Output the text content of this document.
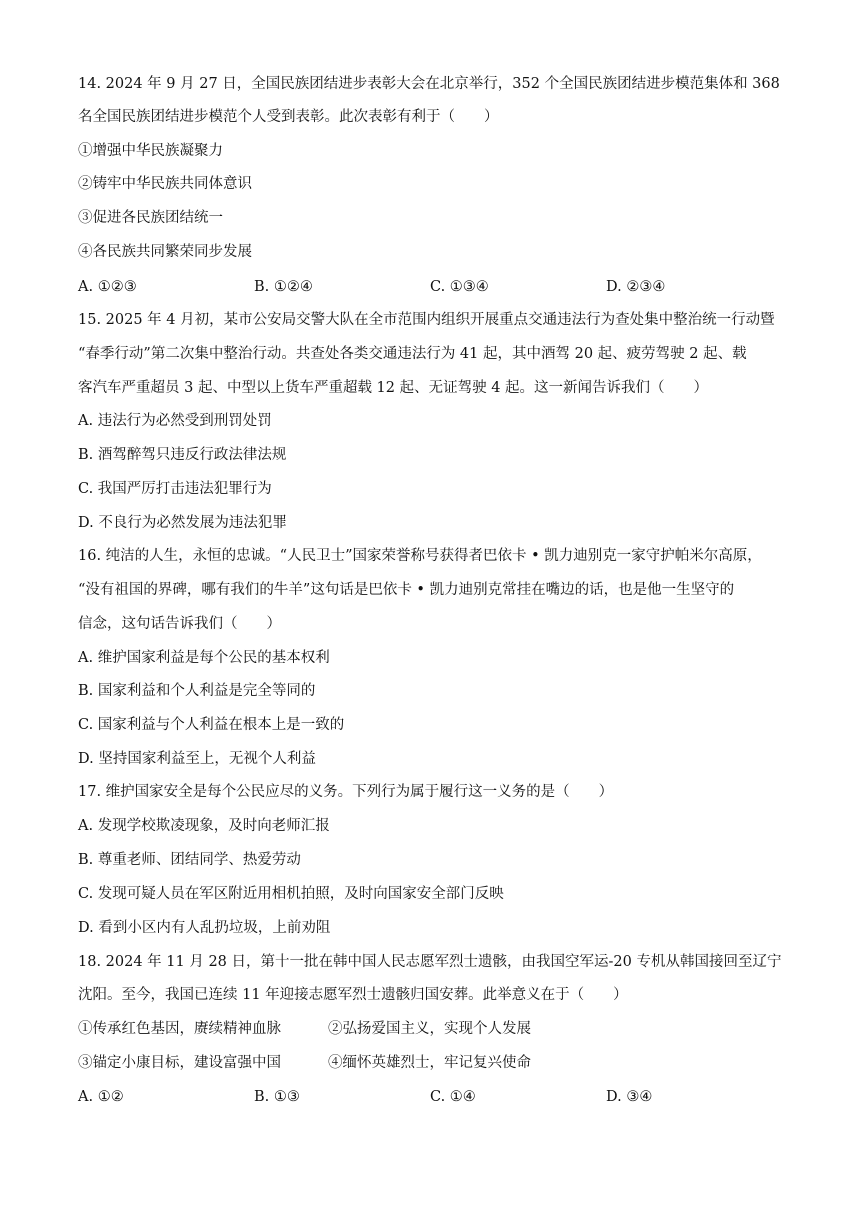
14. 2024 年 9 月 27 日，全国民族团结进步表彰大会在北京举行，352 个全国民族团结进步模范集体和 368
名全国民族团结进步模范个人受到表彰。此次表彰有利于（　　）
①增强中华民族凝聚力
②铸牢中华民族共同体意识
③促进各民族团结统一
④各民族共同繁荣同步发展
A. ①②③	B. ①②④	C. ①③④	D. ②③④
15. 2025 年 4 月初，某市公安局交警大队在全市范围内组织开展重点交通违法行为查处集中整治统一行动暨
“春季行动”第二次集中整治行动。共查处各类交通违法行为 41 起，其中酒驾 20 起、疲劳驾驶 2 起、载
客汽车严重超员 3 起、中型以上货车严重超载 12 起、无证驾驶 4 起。这一新闻告诉我们（　　）
A. 违法行为必然受到刑罚处罚
B. 酒驾醉驾只违反行政法律法规
C. 我国严厉打击违法犯罪行为
D. 不良行为必然发展为违法犯罪
16. 纯洁的人生，永恒的忠诚。“人民卫士”国家荣誉称号获得者巴依卡 • 凯力迪别克一家守护帕米尔高原，
“没有祖国的界碑，哪有我们的牛羊”这句话是巴依卡 • 凯力迪别克常挂在嘴边的话，也是他一生坚守的
信念，这句话告诉我们（　　）
A. 维护国家利益是每个公民的基本权利
B. 国家利益和个人利益是完全等同的
C. 国家利益与个人利益在根本上是一致的
D. 坚持国家利益至上，无视个人利益
17. 维护国家安全是每个公民应尽的义务。下列行为属于履行这一义务的是（　　）
A. 发现学校欺凌现象，及时向老师汇报
B. 尊重老师、团结同学、热爱劳动
C. 发现可疑人员在军区附近用相机拍照，及时向国家安全部门反映
D. 看到小区内有人乱扔垃圾，上前劝阻
18. 2024 年 11 月 28 日，第十一批在韩中国人民志愿军烈士遗骸，由我国空军运-20 专机从韩国接回至辽宁
沈阳。至今，我国已连续 11 年迎接志愿军烈士遗骸归国安葬。此举意义在于（　　）
①传承红色基因，赓续精神血脉	②弘扬爱国主义，实现个人发展
③锚定小康目标，建设富强中国	④缅怀英雄烈士，牢记复兴使命
A. ①②	B. ①③	C. ①④	D. ③④
